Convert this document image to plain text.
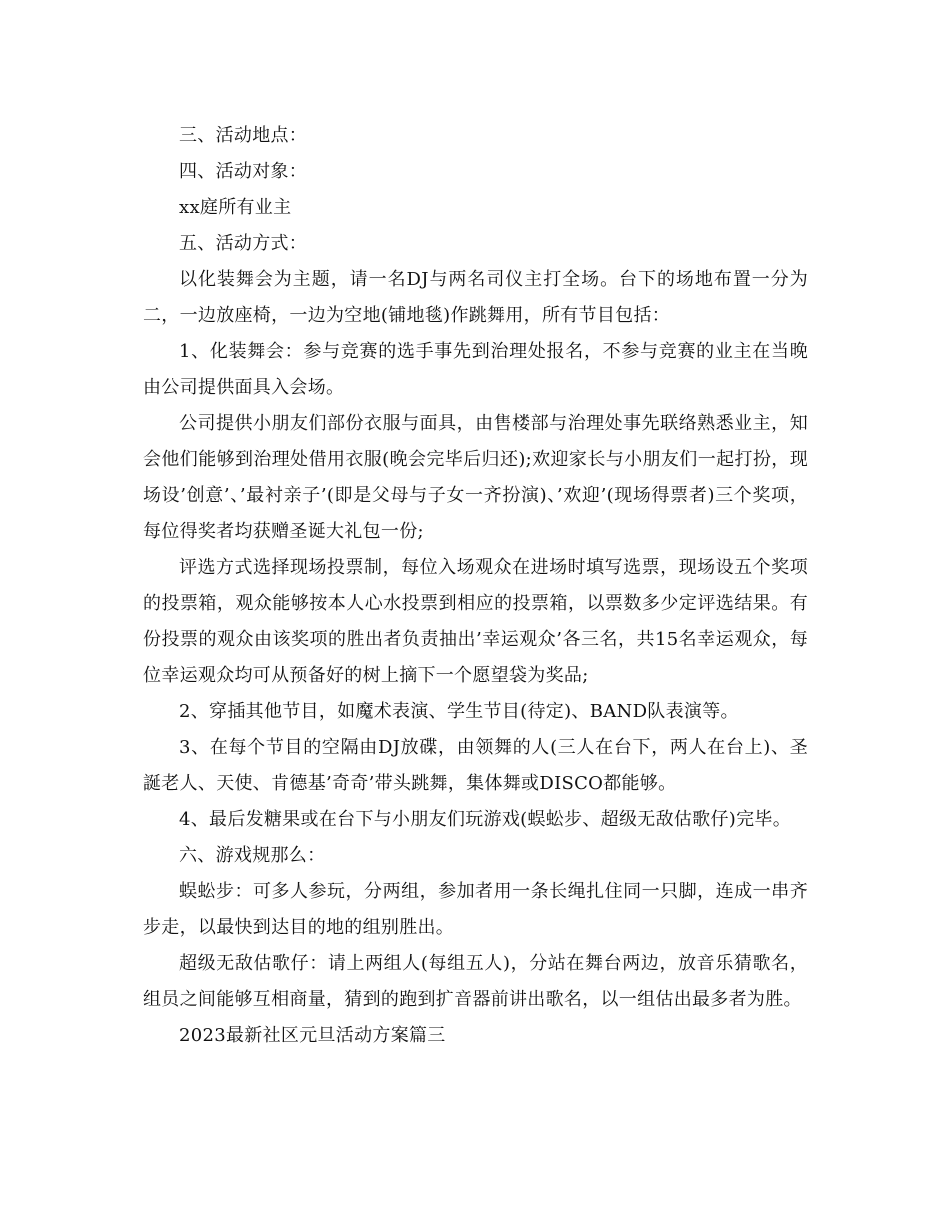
三、活动地点：

四、活动对象：

xx庭所有业主

五、活动方式：

以化装舞会为主题，请一名DJ与两名司仪主打全场。台下的场地布置一分为二，一边放座椅，一边为空地(铺地毯)作跳舞用，所有节目包括：

1、化装舞会：参与竞赛的选手事先到治理处报名，不参与竞赛的业主在当晚由公司提供面具入会场。

公司提供小朋友们部份衣服与面具，由售楼部与治理处事先联络熟悉业主，知会他们能够到治理处借用衣服(晚会完毕后归还);欢迎家长与小朋友们一起打扮，现场设’创意’、’最衬亲子’(即是父母与子女一齐扮演)、’欢迎’(现场得票者)三个奖项，每位得奖者均获赠圣诞大礼包一份;

评选方式选择现场投票制，每位入场观众在进场时填写选票，现场设五个奖项的投票箱，观众能够按本人心水投票到相应的投票箱，以票数多少定评选结果。有份投票的观众由该奖项的胜出者负责抽出’幸运观众’各三名，共15名幸运观众，每位幸运观众均可从预备好的树上摘下一个愿望袋为奖品;

2、穿插其他节目，如魔术表演、学生节目(待定)、BAND队表演等。

3、在每个节目的空隔由DJ放碟，由领舞的人(三人在台下，两人在台上)、圣誕老人、天使、肯德基’奇奇’带头跳舞，集体舞或DISCO都能够。

4、最后发糖果或在台下与小朋友们玩游戏(蜈蚣步、超级无敌估歌仔)完毕。

六、游戏规那么：

蜈蚣步：可多人参玩，分两组，参加者用一条长绳扎住同一只脚，连成一串齐步走，以最快到达目的地的组别胜出。

超级无敌估歌仔：请上两组人(每组五人)，分站在舞台两边，放音乐猜歌名，组员之间能够互相商量，猜到的跑到扩音器前讲出歌名，以一组估出最多者为胜。

2023最新社区元旦活动方案篇三
